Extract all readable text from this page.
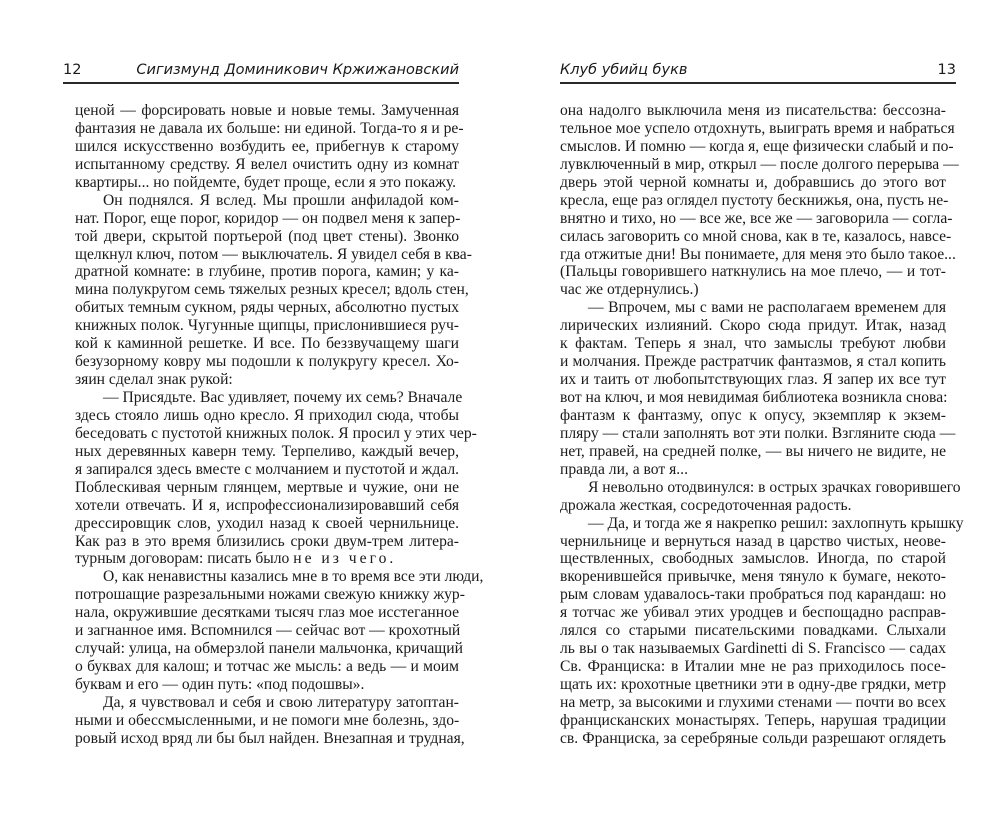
12	Сигизмунд Доминикович Кржижановский
ценой — форсировать новые и новые темы. Замученная
фантазия не давала их больше: ни единой. Тогда-то я и ре-
шился искусственно возбудить ее, прибегнув к старому
испытанному средству. Я велел очистить одну из комнат
квартиры... но пойдемте, будет проще, если я это покажу.
Он поднялся. Я вслед. Мы прошли анфиладой ком-
нат. Порог, еще порог, коридор — он подвел меня к запер-
той двери, скрытой портьерой (под цвет стены). Звонко
щелкнул ключ, потом — выключатель. Я увидел себя в ква-
дратной комнате: в глубине, против порога, камин; у ка-
мина полукругом семь тяжелых резных кресел; вдоль стен,
обитых темным сукном, ряды черных, абсолютно пустых
книжных полок. Чугунные щипцы, прислонившиеся руч-
кой к каминной решетке. И все. По беззвучащему шаги
безузорному ковру мы подошли к полукругу кресел. Хо-
зяин сделал знак рукой:
— Присядьте. Вас удивляет, почему их семь? Вначале
здесь стояло лишь одно кресло. Я приходил сюда, чтобы
беседовать с пустотой книжных полок. Я просил у этих чер-
ных деревянных каверн тему. Терпеливо, каждый вечер,
я запирался здесь вместе с молчанием и пустотой и ждал.
Поблескивая черным глянцем, мертвые и чужие, они не
хотели отвечать. И я, испрофессионализировавший себя
дрессировщик слов, уходил назад к своей чернильнице.
Как раз в это время близились сроки двум-трем литера-
турным договорам: писать было не из чего.
О, как ненавистны казались мне в то время все эти люди,
потрошащие разрезальными ножами свежую книжку жур-
нала, окружившие десятками тысяч глаз мое исстеганное
и загнанное имя. Вспомнился — сейчас вот — крохотный
случай: улица, на обмерзлой панели мальчонка, кричащий
о буквах для калош; и тотчас же мысль: а ведь — и моим
буквам и его — один путь: «под подошвы».
Да, я чувствовал и себя и свою литературу затоптан-
ными и обессмысленными, и не помоги мне болезнь, здо-
ровый исход вряд ли бы был найден. Внезапная и трудная,
Клуб убийц букв	13
она надолго выключила меня из писательства: бессозна-
тельное мое успело отдохнуть, выиграть время и набраться
смыслов. И помню — когда я, еще физически слабый и по-
лувключенный в мир, открыл — после долгого перерыва —
дверь этой черной комнаты и, добравшись до этого вот
кресла, еще раз оглядел пустоту бескнижья, она, пусть не-
внятно и тихо, но — все же, все же — заговорила — согла-
силась заговорить со мной снова, как в те, казалось, навсе-
гда отжитые дни! Вы понимаете, для меня это было такое...
(Пальцы говорившего наткнулись на мое плечо, — и тот-
час же отдернулись.)
— Впрочем, мы с вами не располагаем временем для
лирических излияний. Скоро сюда придут. Итак, назад
к фактам. Теперь я знал, что замыслы требуют любви
и молчания. Прежде растратчик фантазмов, я стал копить
их и таить от любопытствующих глаз. Я запер их все тут
вот на ключ, и моя невидимая библиотека возникла снова:
фантазм к фантазму, опус к опусу, экземпляр к экзем-
пляру — стали заполнять вот эти полки. Взгляните сюда —
нет, правей, на средней полке, — вы ничего не видите, не
правда ли, а вот я...
Я невольно отодвинулся: в острых зрачках говорившего
дрожала жесткая, сосредоточенная радость.
— Да, и тогда же я накрепко решил: захлопнуть крышку
чернильнице и вернуться назад в царство чистых, неове-
ществленных, свободных замыслов. Иногда, по старой
вкоренившейся привычке, меня тянуло к бумаге, некото-
рым словам удавалось-таки пробраться под карандаш: но
я тотчас же убивал этих уродцев и беспощадно расправ-
лялся со старыми писательскими повадками. Слыхали
ль вы о так называемых Gardinetti di S. Francisco — садах
Св. Франциска: в Италии мне не раз приходилось посе-
щать их: крохотные цветники эти в одну-две грядки, метр
на метр, за высокими и глухими стенами — почти во всех
францисканских монастырях. Теперь, нарушая традиции
св. Франциска, за серебряные сольди разрешают оглядеть
